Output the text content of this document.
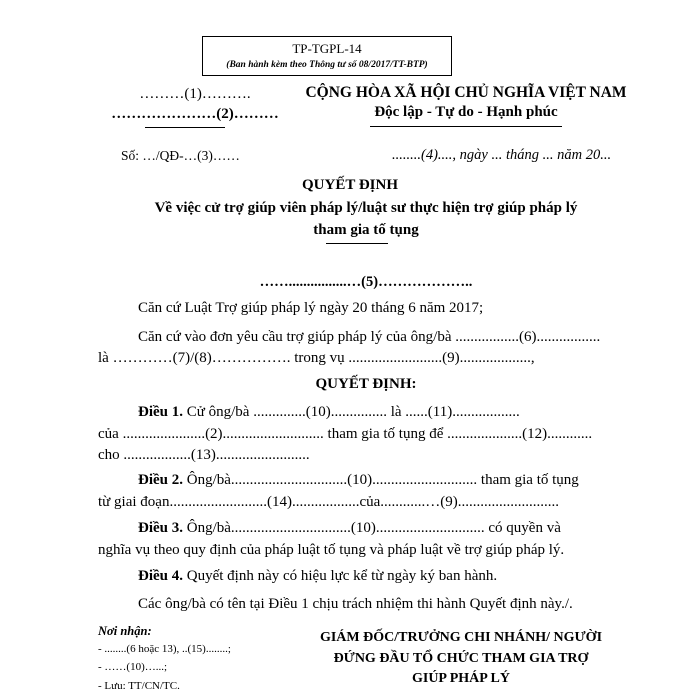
TP-TGPL-14
(Ban hành kèm theo Thông tư số 08/2017/TT-BTP)
………(1)……….
…………………(2)………
CỘNG HÒA XÃ HỘI CHỦ NGHĨA VIỆT NAM
Độc lập - Tự do - Hạnh phúc
Số: …/QĐ-…(3)……	........(4)...., ngày ... tháng ... năm 20...
QUYẾT ĐỊNH
Về việc cử trợ giúp viên pháp lý/luật sư thực hiện trợ giúp pháp lý
tham gia tố tụng
……................…(5)………………..
Căn cứ Luật Trợ giúp pháp lý ngày 20 tháng 6 năm 2017;
Căn cứ vào đơn yêu cầu trợ giúp pháp lý của ông/bà .................(6).................
là …………(7)/(8)……………. trong vụ .........................(9)...................,
QUYẾT ĐỊNH:
Điều 1. Cử ông/bà ..............(10)............... là ......(11)..................
của ......................(2)........................... tham gia tố tụng để ....................(12)............
cho ..................(13).........................
Điều 2. Ông/bà...............................(10)............................ tham gia tố tụng
từ giai đoạn..........................(14)..................của............…(9)...........................
Điều 3. Ông/bà................................(10)............................. có quyền và
nghĩa vụ theo quy định của pháp luật tố tụng và pháp luật về trợ giúp pháp lý.
Điều 4. Quyết định này có hiệu lực kể từ ngày ký ban hành.
Các ông/bà có tên tại Điều 1 chịu trách nhiệm thi hành Quyết định này./.
Nơi nhận:
- ........(6 hoặc 13), ..(15)........;
- ……(10)…...;
- Lưu: TT/CN/TC.
GIÁM ĐỐC/TRƯỞNG CHI NHÁNH/ NGƯỜI
ĐỨNG ĐẦU TỔ CHỨC THAM GIA TRỢ
GIÚP PHÁP LÝ
